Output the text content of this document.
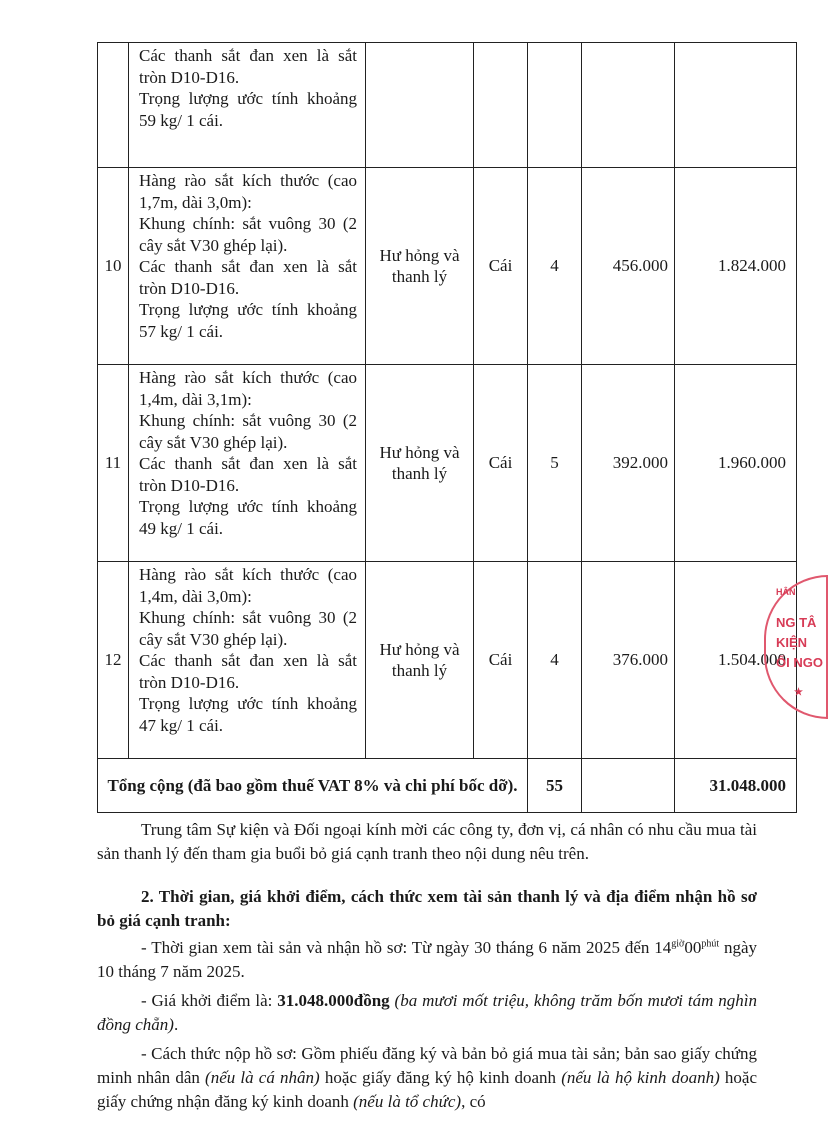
	Các thanh sắt đan xen là sắt tròn D10-D16.
Trọng lượng ước tính khoảng 59 kg/ 1 cái.					

10	Hàng rào sắt kích thước (cao 1,7m, dài 3,0m):
Khung chính: sắt vuông 30 (2 cây sắt V30 ghép lại).
Các thanh sắt đan xen là sắt tròn D10-D16.
Trọng lượng ước tính khoảng 57 kg/ 1 cái.	Hư hỏng và thanh lý	Cái	4	456.000	1.824.000
11	Hàng rào sắt kích thước (cao 1,4m, dài 3,1m):
Khung chính: sắt vuông 30 (2 cây sắt V30 ghép lại).
Các thanh sắt đan xen là sắt tròn D10-D16.
Trọng lượng ước tính khoảng 49 kg/ 1 cái.	Hư hỏng và thanh lý	Cái	5	392.000	1.960.000
12	Hàng rào sắt kích thước (cao 1,4m, dài 3,0m):
Khung chính: sắt vuông 30 (2 cây sắt V30 ghép lại).
Các thanh sắt đan xen là sắt tròn D10-D16.
Trọng lượng ước tính khoảng 47 kg/ 1 cái.	Hư hỏng và thanh lý	Cái	4	376.000	1.504.000
Tổng cộng (đã bao gồm thuế VAT 8% và chi phí bốc dỡ).				55		31.048.000
Trung tâm Sự kiện và Đối ngoại kính mời các công ty, đơn vị, cá nhân có nhu cầu mua tài sản thanh lý đến tham gia buổi bỏ giá cạnh tranh theo nội dung nêu trên.
2. Thời gian, giá khởi điểm, cách thức xem tài sản thanh lý và địa điểm nhận hồ sơ bỏ giá cạnh tranh:
- Thời gian xem tài sản và nhận hồ sơ: Từ ngày 30 tháng 6 năm 2025 đến $14^{giờ}00^{phút}$ ngày 10 tháng 7 năm 2025.
- Giá khởi điểm là: 31.048.000đồng (ba mươi mốt triệu, không trăm bốn mươi tám nghìn đồng chẵn).
- Cách thức nộp hồ sơ: Gồm phiếu đăng ký và bản bỏ giá mua tài sản; bản sao giấy chứng minh nhân dân (nếu là cá nhân) hoặc giấy đăng ký hộ kinh doanh (nếu là hộ kinh doanh) hoặc giấy chứng nhận đăng ký kinh doanh (nếu là tổ chức), có
HÂN
NG TÂ
KIỆN
ỐI NGO
★
